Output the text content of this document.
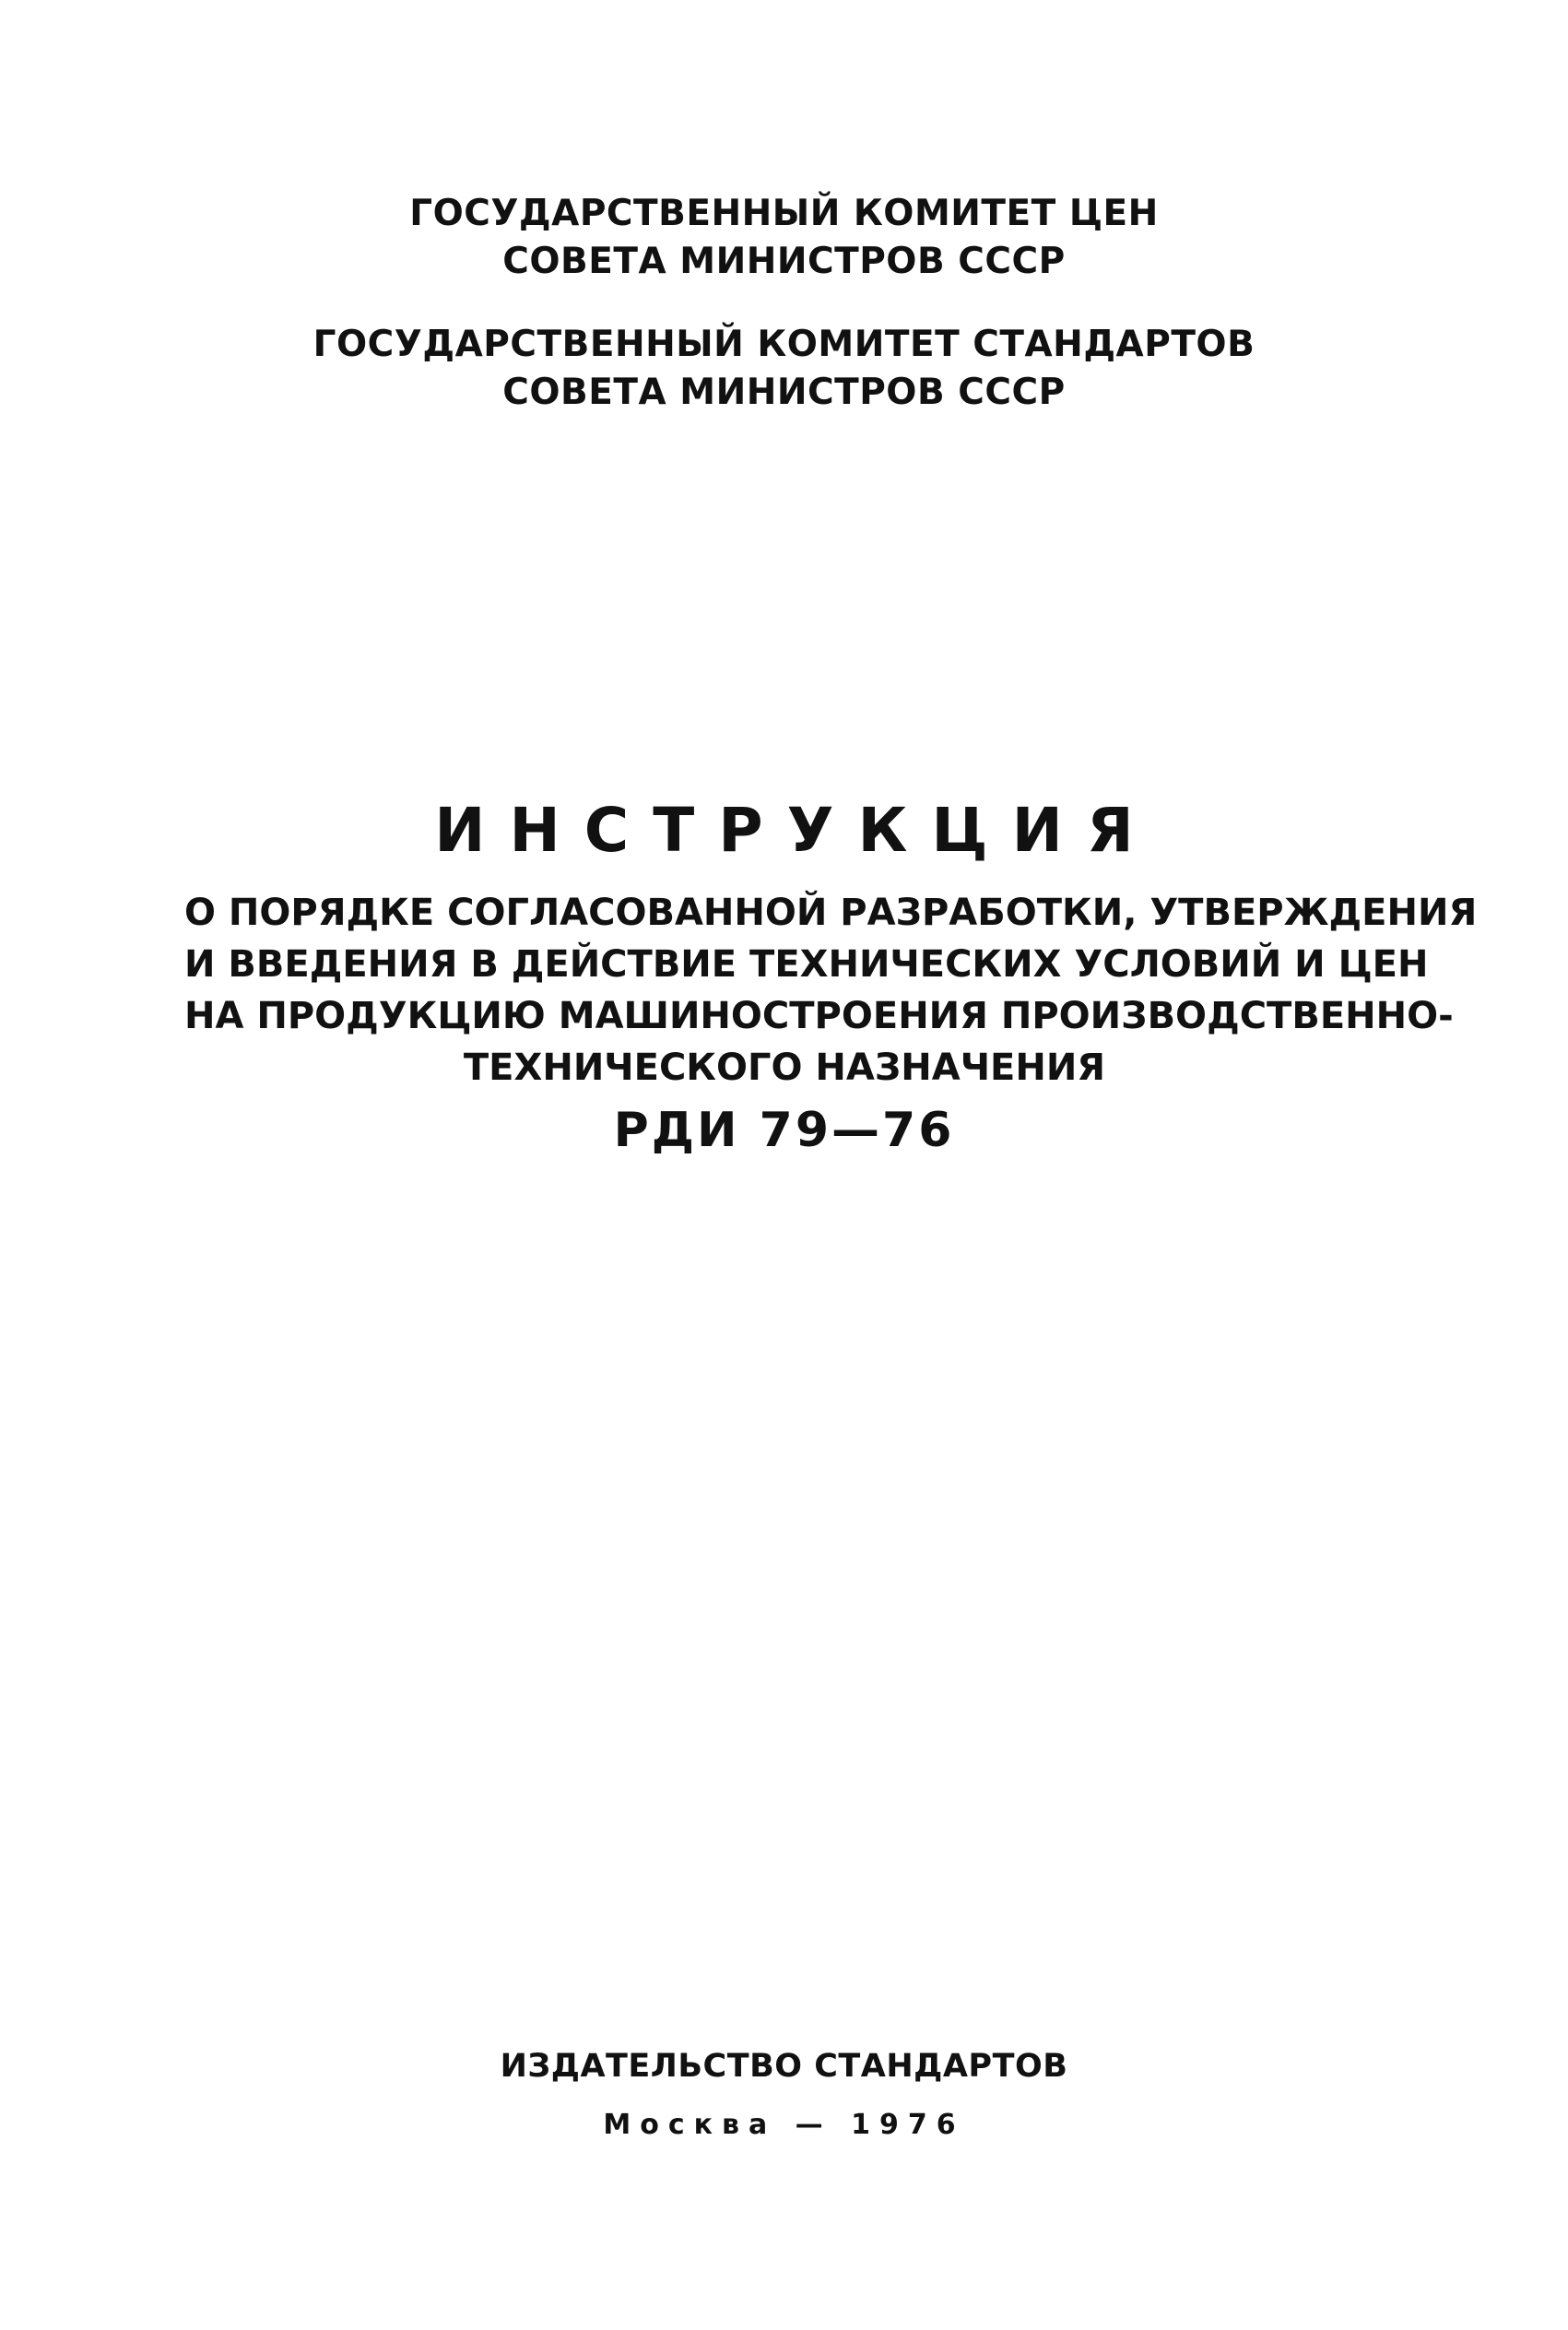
ГОСУДАРСТВЕННЫЙ КОМИТЕТ ЦЕН
СОВЕТА МИНИСТРОВ СССР
ГОСУДАРСТВЕННЫЙ КОМИТЕТ СТАНДАРТОВ
СОВЕТА МИНИСТРОВ СССР
ИНСТРУКЦИЯ
О ПОРЯДКЕ СОГЛАСОВАННОЙ РАЗРАБОТКИ, УТВЕРЖДЕНИЯ
И ВВЕДЕНИЯ В ДЕЙСТВИЕ ТЕХНИЧЕСКИХ УСЛОВИЙ И ЦЕН
НА ПРОДУКЦИЮ МАШИНОСТРОЕНИЯ ПРОИЗВОДСТВЕННО-
ТЕХНИЧЕСКОГО НАЗНАЧЕНИЯ
РДИ 79—76
ИЗДАТЕЛЬСТВО СТАНДАРТОВ
Москва — 1976
